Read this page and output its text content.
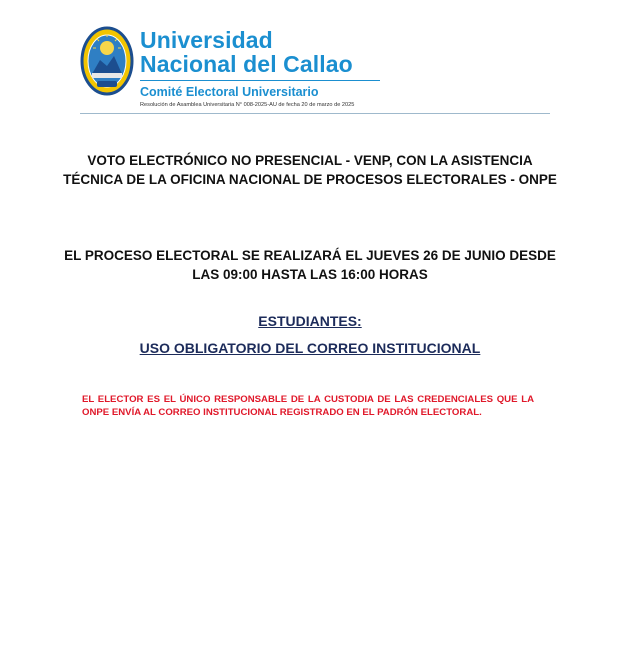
Universidad
Nacional del Callao
Comité Electoral Universitario
Resolución de Asamblea Universitaria N° 008-2025-AU de fecha 20 de marzo de 2025
VOTO ELECTRÓNICO NO PRESENCIAL - VENP, CON LA ASISTENCIA TÉCNICA DE LA OFICINA NACIONAL DE PROCESOS ELECTORALES - ONPE
EL PROCESO ELECTORAL SE REALIZARÁ EL JUEVES 26 DE JUNIO DESDE LAS 09:00 HASTA LAS 16:00 HORAS
ESTUDIANTES:
USO OBLIGATORIO DEL CORREO INSTITUCIONAL
EL ELECTOR ES EL ÚNICO RESPONSABLE DE LA CUSTODIA DE LAS CREDENCIALES QUE LA ONPE ENVÍA AL CORREO INSTITUCIONAL REGISTRADO EN EL PADRÓN ELECTORAL.
